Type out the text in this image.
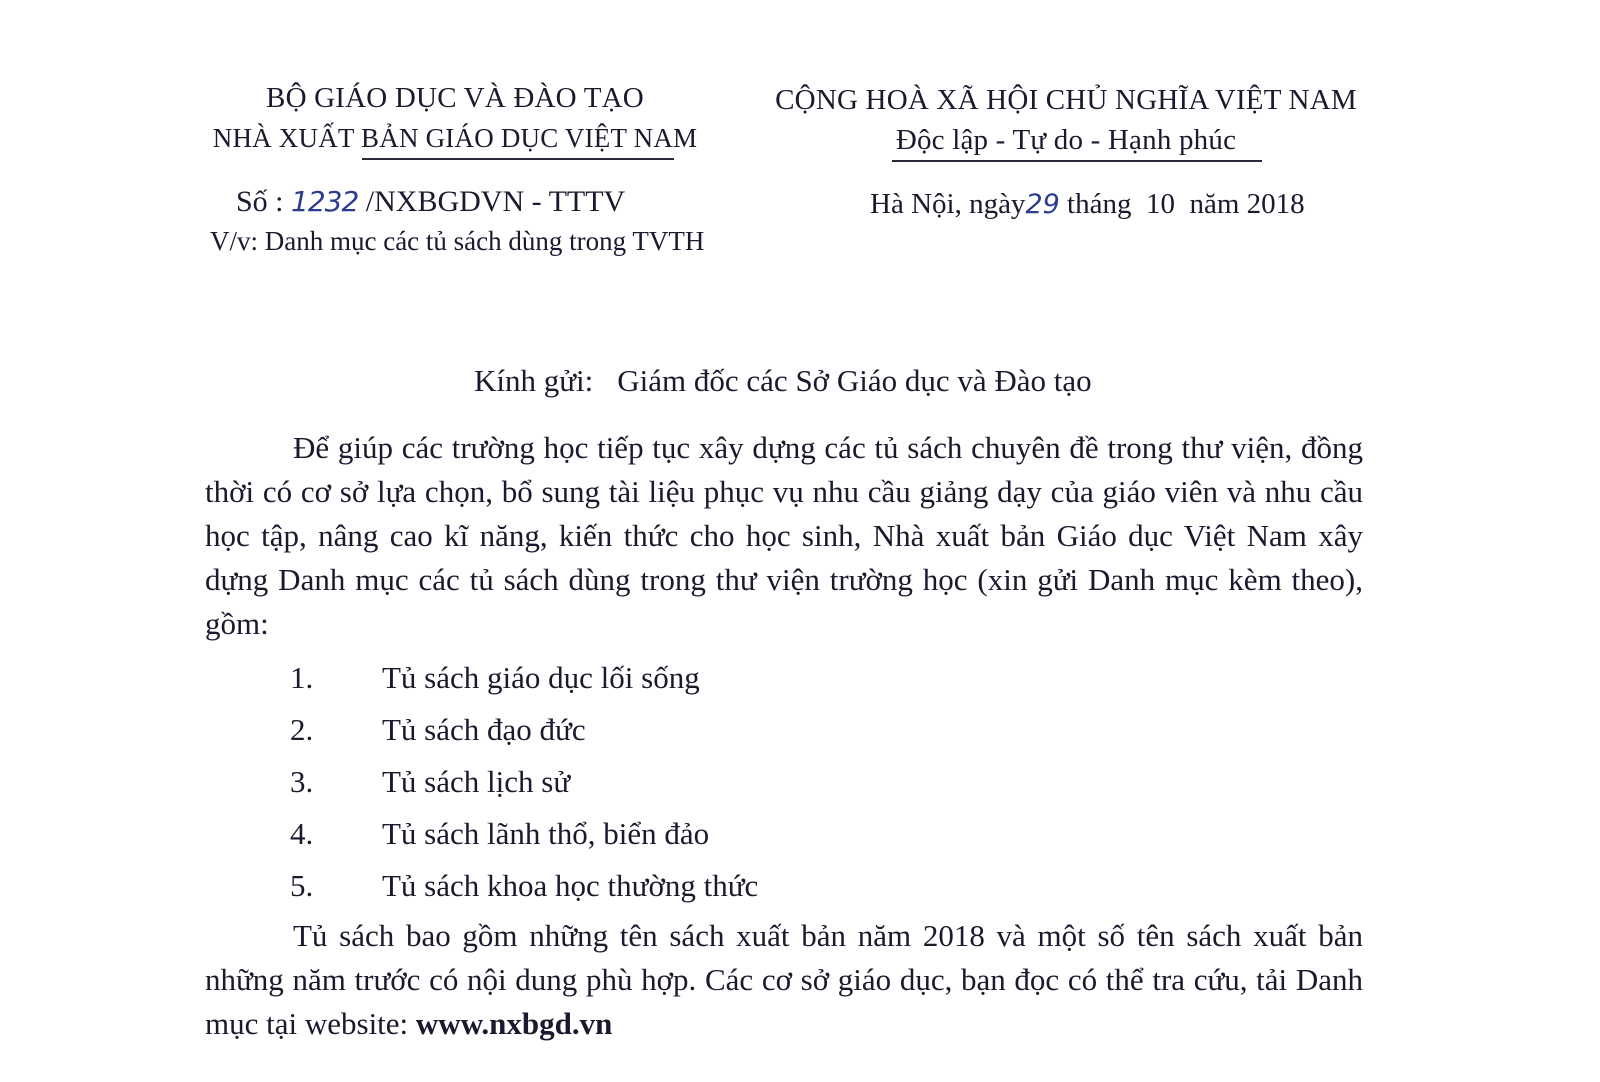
BỘ GIÁO DỤC VÀ ĐÀO TẠO
NHÀ XUẤT BẢN GIÁO DỤC VIỆT NAM
CỘNG HOÀ XÃ HỘI CHỦ NGHĨA VIỆT NAM
Độc lập - Tự do - Hạnh phúc
Số : 1232 /NXBGDVN - TTTV
V/v: Danh mục các tủ sách dùng trong TVTH
Hà Nội, ngày29 tháng  10  năm 2018
Kính gửi: Giám đốc các Sở Giáo dục và Đào tạo
Để giúp các trường học tiếp tục xây dựng các tủ sách chuyên đề trong thư viện, đồng thời có cơ sở lựa chọn, bổ sung tài liệu phục vụ nhu cầu giảng dạy của giáo viên và nhu cầu học tập, nâng cao kĩ năng, kiến thức cho học sinh, Nhà xuất bản Giáo dục Việt Nam xây dựng Danh mục các tủ sách dùng trong thư viện trường học (xin gửi Danh mục kèm theo), gồm:
1. Tủ sách giáo dục lối sống
2. Tủ sách đạo đức
3. Tủ sách lịch sử
4. Tủ sách lãnh thổ, biển đảo
5. Tủ sách khoa học thường thức
Tủ sách bao gồm những tên sách xuất bản năm 2018 và một số tên sách xuất bản những năm trước có nội dung phù hợp. Các cơ sở giáo dục, bạn đọc có thể tra cứu, tải Danh mục tại website: www.nxbgd.vn
